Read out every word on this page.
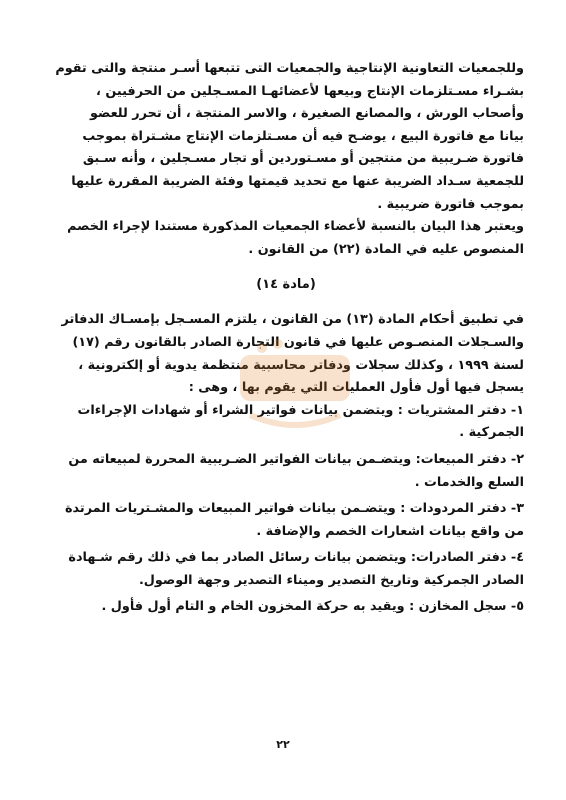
وللجمعيات التعاونية الإنتاجية والجمعيات التى تتبعها أسـر منتجة والتى تقوم
بشـراء مسـتلزمات الإنتاج وبيعها لأعضائهـا المسـجلين من الحرفيين ،
وأصحاب الورش ، والمصانع الصغيرة ، والاسر المنتجة ، أن تحرر للعضو
بيانا مع فاتورة البيع ، يوضـح فيه أن مسـتلزمات الإنتاج مشـتراة بموجب
فاتورة ضـريبية من منتجين أو مسـتوردين أو تجار مسـجلين ، وأنه سـبق
للجمعية سـداد الضريبة عنها مع تحديد قيمتها وفئة الضريبة المقررة عليها
بموجب فاتورة ضريبية .
ويعتبر هذا البيان بالنسبة لأعضاء الجمعيات المذكورة مستندا لإجراء الخصم
المنصوص عليه في المادة (٢٢) من القانون .
(مادة ١٤)
في تطبيق أحكام المادة (١٣) من القانون ، يلتزم المسـجل بإمسـاك الدفاتر
والسـجلات المنصـوص عليها في قانون التجارة الصادر بالقانون رقم (١٧)
لسنة ١٩٩٩ ، وكذلك سجلات ودفاتر محاسبية منتظمة يدوية أو إلكترونية ،
يسجل فيها أول فأول العمليات التي يقوم بها ، وهى :
١- دفتر المشتريات : ويتضمن بيانات فواتير الشراء أو شهادات الإجراءات
الجمركية .
٢- دفتر المبيعات: ويتضـمن بيانات الفواتير الضـريبية المحررة لمبيعاته من
السلع والخدمات .
٣- دفتر المردودات : ويتضـمن بيانات فواتير المبيعات والمشـتريات المرتدة
من واقع بيانات اشعارات الخصم والإضافة .
٤- دفتر الصادرات: ويتضمن بيانات رسائل الصادر بما في ذلك رقم شـهادة
الصادر الجمركية وتاريخ التصدير وميناء التصدير وجهة الوصول.
٥- سجل المخازن : ويقيد به حركة المخزون الخام و التام أول فأول .
٢٢
